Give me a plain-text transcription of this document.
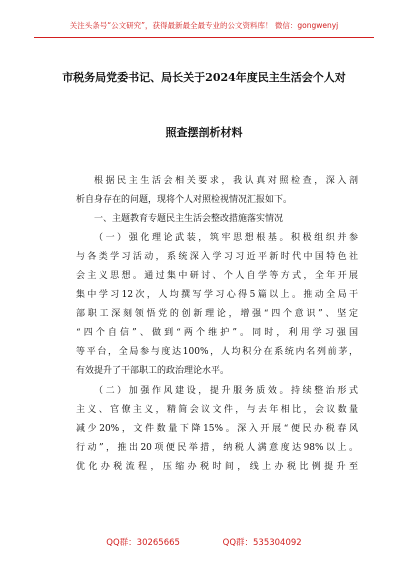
关注头条号“公文研究”，获得最新最全最专业的公文资料库！ 微信：gongwenyj
市税务局党委书记、局长关于2024年度民主生活会个人对
照查摆剖析材料

根据民主生活会相关要求，我认真对照检查，深入剖

析自身存在的问题，现将个人对照检视情况汇报如下。

一、主题教育专题民主生活会整改措施落实情况

（一）强化理论武装，筑牢思想根基。积极组织并参

与各类学习活动，系统深入学习习近平新时代中国特色社

会主义思想。通过集中研讨、个人自学等方式，全年开展

集中学习12次，人均撰写学习心得5篇以上。推动全局干

部职工深刻领悟党的创新理论，增强“四个意识”、坚定

“四个自信”、做到“两个维护”。同时，利用学习强国

等平台，全局参与度达100%，人均积分在系统内名列前茅，

有效提升了干部职工的政治理论水平。

（二）加强作风建设，提升服务质效。持续整治形式

主义、官僚主义，精简会议文件，与去年相比，会议数量

减少20%，文件数量下降15%。深入开展“便民办税春风

行动”，推出20项便民举措，纳税人满意度达98%以上。

优化办税流程，压缩办税时间，线上办税比例提升至

QQ群：30265665	QQ群：535304092
